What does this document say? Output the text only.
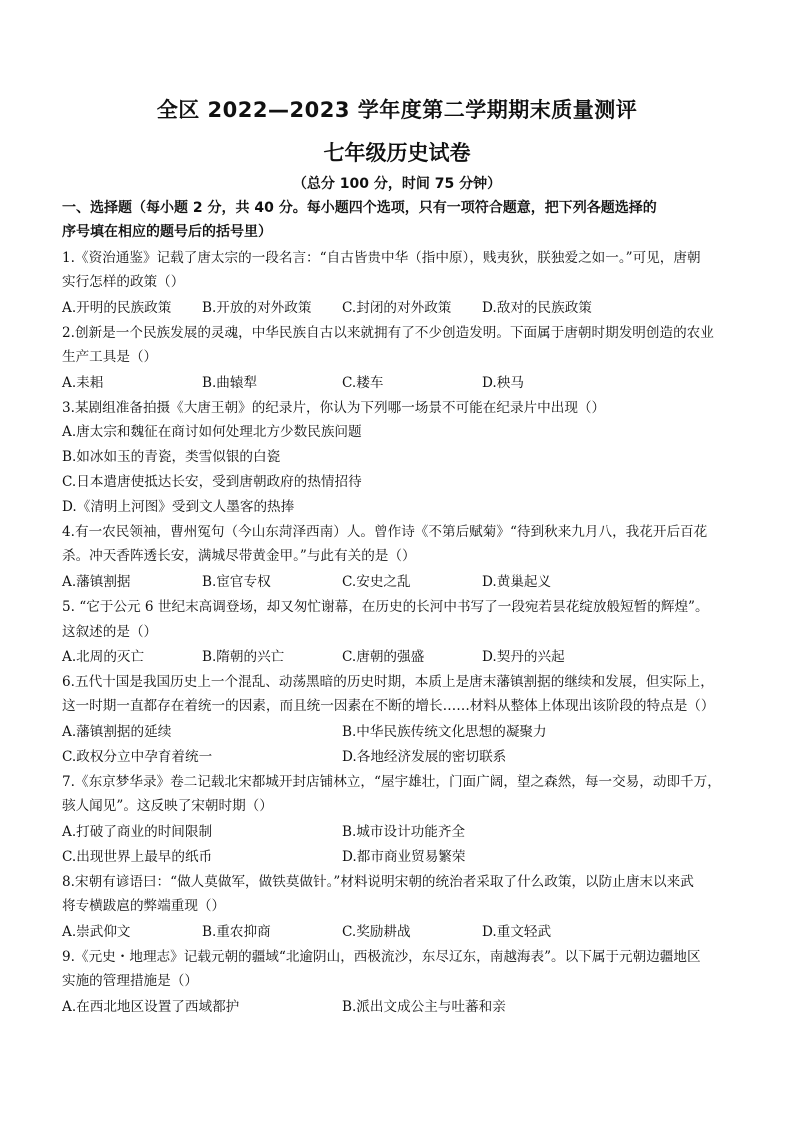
全区 2022—2023 学年度第二学期期末质量测评
七年级历史试卷
（总分 100 分，时间 75 分钟）
一、选择题（每小题 2 分，共 40 分。每小题四个选项，只有一项符合题意，把下列各题选择的
序号填在相应的题号后的括号里）
1.《资治通鉴》记载了唐太宗的一段名言：“自古皆贵中华（指中原），贱夷狄，朕独爱之如一。”可见，唐朝
实行怎样的政策（）
A.开明的民族政策 B.开放的对外政策 C.封闭的对外政策 D.敌对的民族政策
2.创新是一个民族发展的灵魂，中华民族自古以来就拥有了不少创造发明。下面属于唐朝时期发明创造的农业
生产工具是（）
A.耒耜	B.曲辕犁	C.耧车	D.秧马
3.某剧组准备拍摄《大唐王朝》的纪录片，你认为下列哪一场景不可能在纪录片中出现（）
A.唐太宗和魏征在商讨如何处理北方少数民族问题
B.如冰如玉的青瓷，类雪似银的白瓷
C.日本遣唐使抵达长安，受到唐朝政府的热情招待
D.《清明上河图》受到文人墨客的热捧
4.有一农民领袖，曹州冤句（今山东菏泽西南）人。曾作诗《不第后赋菊》“待到秋来九月八，我花开后百花
杀。冲天香阵透长安，满城尽带黄金甲。”与此有关的是（）
A.藩镇割据	B.宦官专权	C.安史之乱	D.黄巢起义
5. “它于公元 6 世纪末高调登场，却又匆忙谢幕，在历史的长河中书写了一段宛若昙花绽放般短暂的辉煌”。
这叙述的是（）
A.北周的灭亡	B.隋朝的兴亡	C.唐朝的强盛	D.契丹的兴起
6.五代十国是我国历史上一个混乱、动荡黑暗的历史时期，本质上是唐末藩镇割据的继续和发展，但实际上，
这一时期一直都存在着统一的因素，而且统一因素在不断的增长……材料从整体上体现出该阶段的特点是（）
A.藩镇割据的延续	B.中华民族传统文化思想的凝聚力
C.政权分立中孕育着统一	D.各地经济发展的密切联系
7.《东京梦华录》卷二记载北宋都城开封店铺林立，“屋宇雄壮，门面广阔，望之森然，每一交易，动即千万，
骇人闻见”。这反映了宋朝时期（）
A.打破了商业的时间限制	B.城市设计功能齐全
C.出现世界上最早的纸币	D.都市商业贸易繁荣
8.宋朝有谚语曰：“做人莫做军，做铁莫做针。”材料说明宋朝的统治者采取了什么政策，以防止唐末以来武
将专横跋扈的弊端重现（）
A.崇武仰文	B.重农抑商	C.奖励耕战	D.重文轻武
9.《元史・地理志》记载元朝的疆域“北逾阴山，西极流沙，东尽辽东，南越海表”。以下属于元朝边疆地区
实施的管理措施是（）
A.在西北地区设置了西域都护	B.派出文成公主与吐蕃和亲
